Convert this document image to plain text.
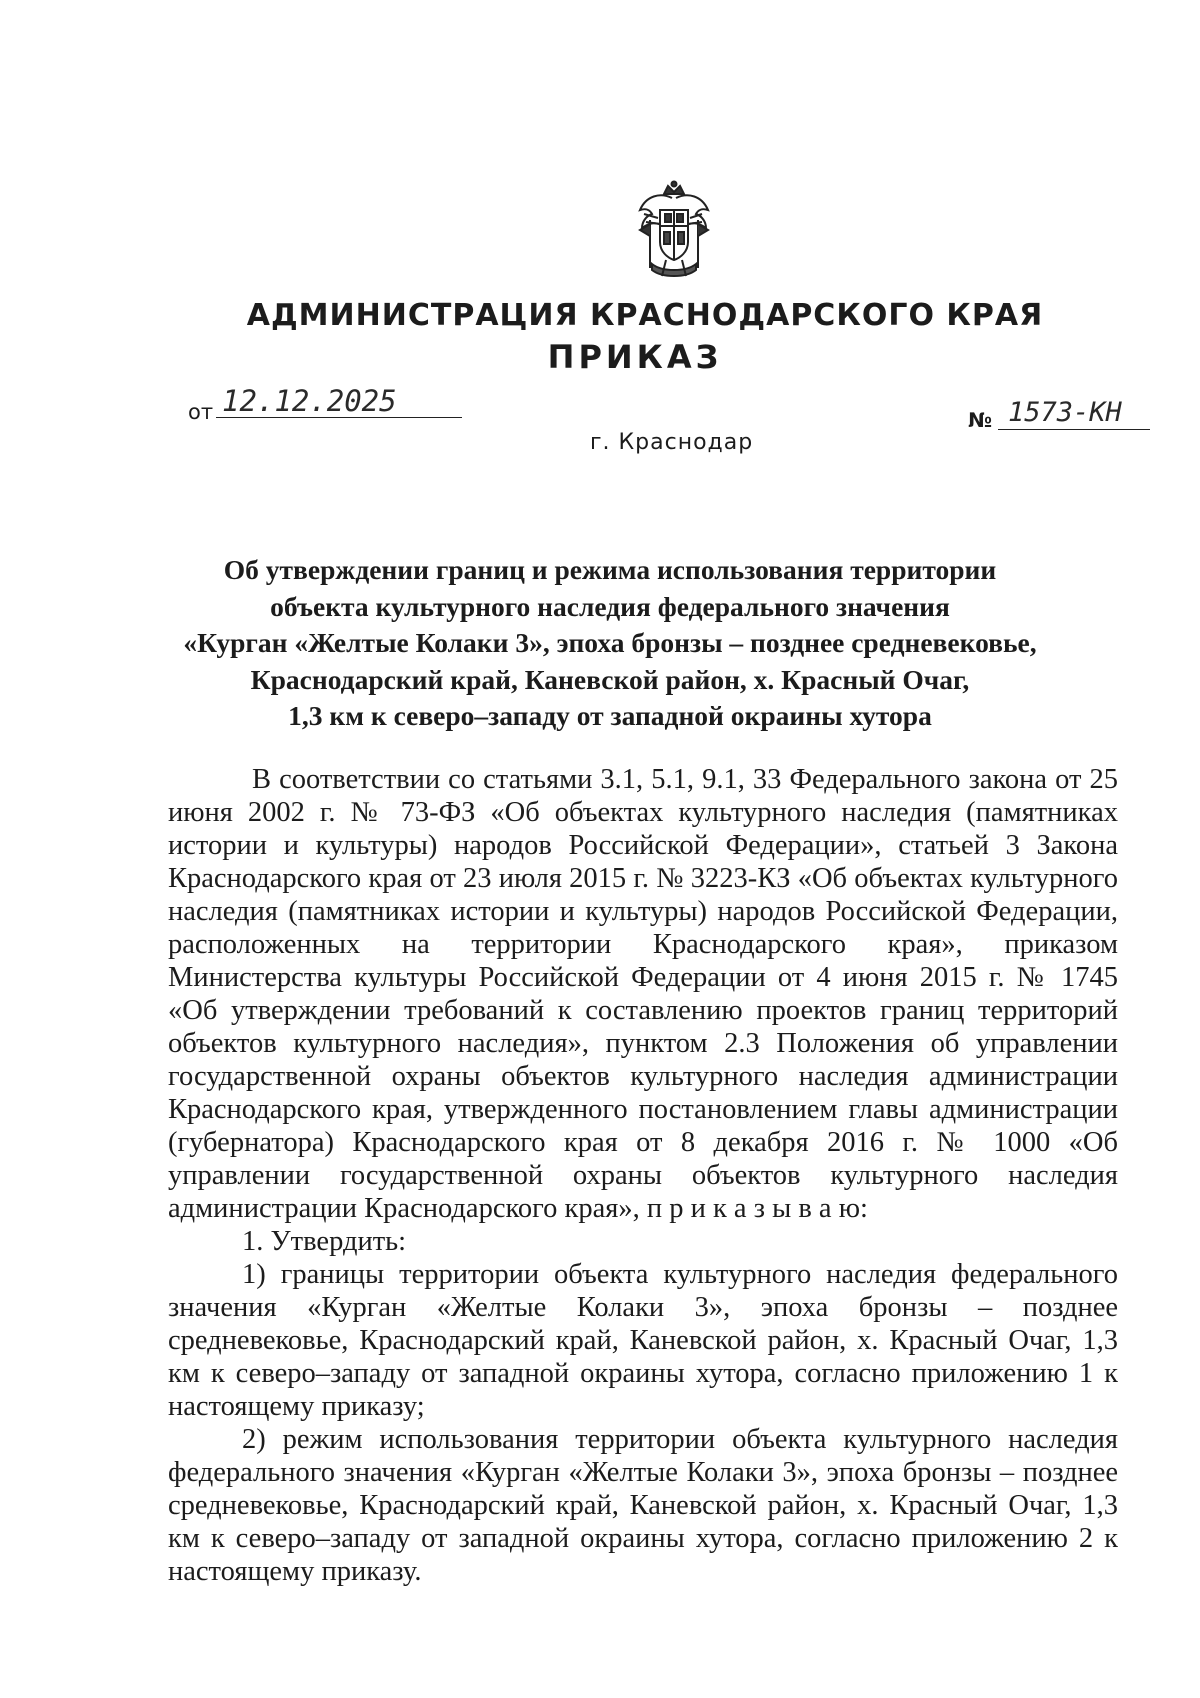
АДМИНИСТРАЦИЯ КРАСНОДАРСКОГО КРАЯ
ПРИКАЗ
от 12.12.2025
№ 1573-КН
г. Краснодар
Об утверждении границ и режима использования территории
объекта культурного наследия федерального значения
«Курган «Желтые Колаки 3», эпоха бронзы – позднее средневековье,
Краснодарский край, Каневской район, х. Красный Очаг,
1,3 км к северо–западу от западной окраины хутора

В соответствии со статьями 3.1, 5.1, 9.1, 33 Федерального закона от 25 июня 2002 г. № 73-ФЗ «Об объектах культурного наследия (памятниках истории и культуры) народов Российской Федерации», статьей 3 Закона Краснодарского края от 23 июля 2015 г. № 3223-КЗ «Об объектах культурного наследия (памятниках истории и культуры) народов Российской Федерации, расположенных на территории Краснодарского края», приказом Министерства культуры Российской Федерации от 4 июня 2015 г. № 1745 «Об утверждении требований к составлению проектов границ территорий объектов культурного наследия», пунктом 2.3 Положения об управлении государственной охраны объектов культурного наследия администрации Краснодарского края, утвержденного постановлением главы администрации (губернатора) Краснодарского края от 8 декабря 2016 г. № 1000 «Об управлении государственной охраны объектов культурного наследия администрации Краснодарского края», п р и к а з ы в а ю:

1. Утвердить:

1) границы территории объекта культурного наследия федерального значения «Курган «Желтые Колаки 3», эпоха бронзы – позднее средневековье, Краснодарский край, Каневской район, х. Красный Очаг, 1,3 км к северо–западу от западной окраины хутора, согласно приложению 1 к настоящему приказу;

2) режим использования территории объекта культурного наследия федерального значения «Курган «Желтые Колаки 3», эпоха бронзы – позднее средневековье, Краснодарский край, Каневской район, х. Красный Очаг, 1,3 км к северо–западу от западной окраины хутора, согласно приложению 2 к настоящему приказу.
